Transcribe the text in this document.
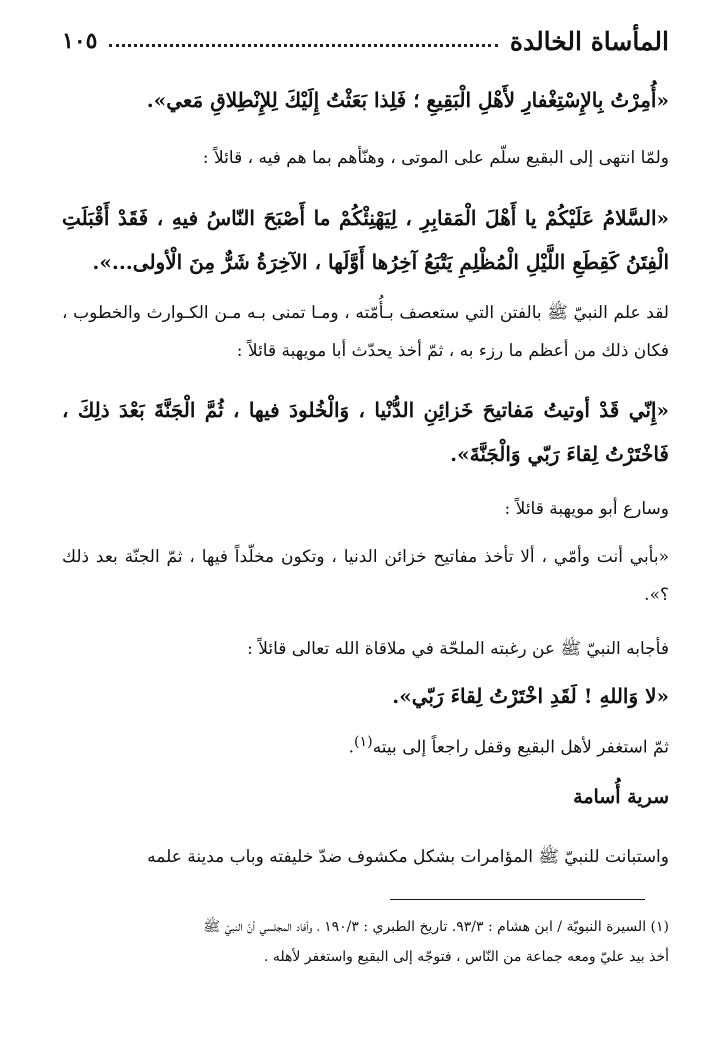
١٠٥	المأساة الخالدة

«أُمِرْتُ بِالإِسْتِغْفارِ لأَهْلِ الْبَقِيعِ ؛ فَلِذا بَعَثْتُ إِلَيْكَ لِلإِنْطِلاقِ مَعي».

ولمّا انتهى إلى البقيع سلّم على الموتى ، وهنّأهم بما هم فيه ، قائلاً :

«السَّلامُ عَلَيْكُمْ يا أَهْلَ الْمَقابِرِ ، لِيَهْنِئْكُمْ ما أَصْبَحَ النّاسُ فيهِ ، فَقَدْ أَقْبَلَتِ الْفِتَنُ كَقِطَعِ اللَّيْلِ الْمُظْلِمِ يَتْبَعُ آخِرُها أَوَّلَها ، الآخِرَةُ شَرٌّ مِنَ الْأولى...».

لقد علم النبيّ ﷺ بالفتن التي ستعصف بـأُمّته ، ومـا تمنى بـه مـن الكـوارث والخطوب ، فكان ذلك من أعظم ما رزء به ، ثمّ أخذ يحدّث أبا مويهبة قائلاً :

«إِنّي قَدْ أوتيتُ مَفاتيحَ خَزائِنِ الدُّنْيا ، وَالْخُلودَ فيها ، ثُمَّ الْجَنَّةَ بَعْدَ ذلِكَ ، فَاخْتَرْتُ لِقاءَ رَبّي وَالْجَنَّةَ».

وسارع أبو مويهبة قائلاً :

«بأبي أنت وأمّي ، ألا تأخذ مفاتيح خزائن الدنيا ، وتكون مخلّداً فيها ، ثمّ الجنّة بعد ذلك ؟».

فأجابه النبيّ ﷺ عن رغبته الملحّة في ملاقاة الله تعالى قائلاً :

«لا وَاللهِ ! لَقَدِ اخْتَرْتُ لِقاءَ رَبّي».

ثمّ استغفر لأهل البقيع وقفل راجعاً إلى بيته$^{(١)}$.

سرية أُسامة

واستبانت للنبيّ ﷺ المؤامرات بشكل مكشوف ضدّ خليفته وباب مدينة علمه

(١) السيرة النبويّة / ابن هشام : ٩٣/٣. تاريخ الطبري : ١٩٠/٣ ، وأفاد المجلسي أنّ النبيّ ﷺ

أخذ بيد عليّ ومعه جماعة من النّاس ، فتوجّه إلى البقيع واستغفر لأهله .
